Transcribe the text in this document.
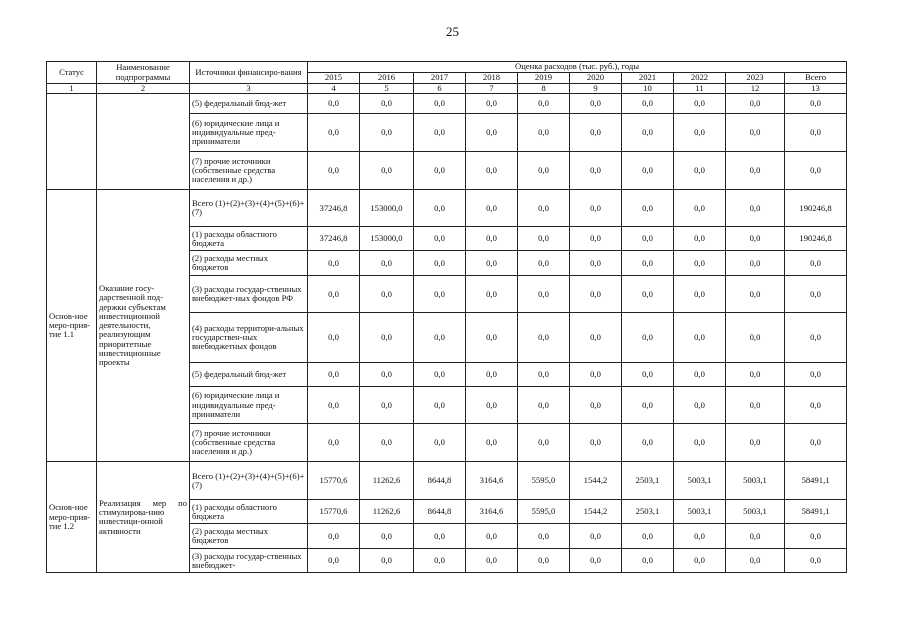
25
Статус	Наименование подпрограммы	Источники финансиро-вания	Оценка расходов (тыс. руб.), годы									
			2015	2016	2017	2018	2019	2020	2021	2022	2023	Всего
1	2	3	4	5	6	7	8	9	10	11	12	13
		(5) федеральный бюд-жет	0,0	0,0	0,0	0,0	0,0	0,0	0,0	0,0	0,0	0,0
		(6) юридические лица и индивидуальные пред-приниматели	0,0	0,0	0,0	0,0	0,0	0,0	0,0	0,0	0,0	0,0
		(7) прочие источники (собственные средства населения и др.)	0,0	0,0	0,0	0,0	0,0	0,0	0,0	0,0	0,0	0,0
Основ-ное меро-прия-тие 1.1	Оказание госу-дарственной под-держки субъектам инвестиционной деятельности, реализующим приоритетные инвестиционные проекты	Всего (1)+(2)+(3)+(4)+(5)+(6)+(7)	37246,8	153000,0	0,0	0,0	0,0	0,0	0,0	0,0	0,0	190246,8
		(1) расходы областного бюджета	37246,8	153000,0	0,0	0,0	0,0	0,0	0,0	0,0	0,0	190246,8
		(2) расходы местных бюджетов	0,0	0,0	0,0	0,0	0,0	0,0	0,0	0,0	0,0	0,0
		(3) расходы государ-ственных внебюджет-ных фондов РФ	0,0	0,0	0,0	0,0	0,0	0,0	0,0	0,0	0,0	0,0
		(4) расходы территори-альных государствен-ных внебюджетных фондов	0,0	0,0	0,0	0,0	0,0	0,0	0,0	0,0	0,0	0,0
		(5) федеральный бюд-жет	0,0	0,0	0,0	0,0	0,0	0,0	0,0	0,0	0,0	0,0
		(6) юридические лица и индивидуальные пред-приниматели	0,0	0,0	0,0	0,0	0,0	0,0	0,0	0,0	0,0	0,0
		(7) прочие источники (собственные средства населения и др.)	0,0	0,0	0,0	0,0	0,0	0,0	0,0	0,0	0,0	0,0
Основ-ное меро-прия-тие 1.2	Реализация мер по стимулирова-нию инвестици-онной активности	Всего (1)+(2)+(3)+(4)+(5)+(6)+(7)	15770,6	11262,6	8644,8	3164,6	5595,0	1544,2	2503,1	5003,1	5003,1	58491,1
		(1) расходы областного бюджета	15770,6	11262,6	8644,8	3164,6	5595,0	1544,2	2503,1	5003,1	5003,1	58491,1
		(2) расходы местных бюджетов	0,0	0,0	0,0	0,0	0,0	0,0	0,0	0,0	0,0	0,0
		(3) расходы государ-ственных внебюджет-	0,0	0,0	0,0	0,0	0,0	0,0	0,0	0,0	0,0	0,0
